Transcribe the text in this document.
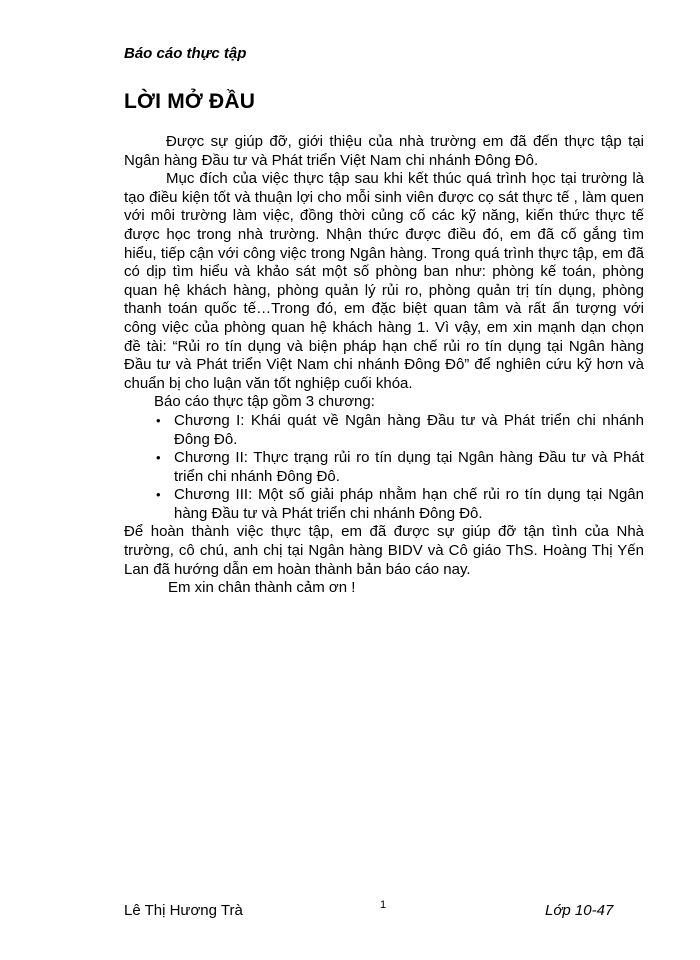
Báo cáo thực tập
LỜI MỞ ĐẦU

Được sự giúp đỡ, giới thiệu của nhà trường em đã đến thực tập tại Ngân hàng Đầu tư và Phát triển Việt Nam chi nhánh Đông Đô.

Mục đích của việc thực tập sau khi kết thúc quá trình học tại trường là tạo điều kiện tốt và thuận lợi cho mỗi sinh viên được cọ sát thực tế , làm quen với môi trường làm việc, đồng thời củng cố các kỹ năng, kiến thức thực tế được học trong nhà trường. Nhận thức được điều đó, em đã cố gắng tìm hiểu, tiếp cận với công việc trong Ngân hàng. Trong quá trình thực tập, em đã có dịp tìm hiểu và khảo sát một số phòng ban như: phòng kế toán, phòng quan hệ khách hàng, phòng quản lý rủi ro, phòng quản trị tín dụng, phòng thanh toán quốc tế…Trong đó, em đặc biệt quan tâm và rất ấn tượng với công việc của phòng quan hệ khách hàng 1. Vì vậy, em xin mạnh dạn chọn đề tài: “Rủi ro tín dụng và biện pháp hạn chế rủi ro tín dụng tại Ngân hàng Đầu tư và Phát triển Việt Nam chi nhánh Đông Đô” để nghiên cứu kỹ hơn và chuẩn bị cho luận văn tốt nghiệp cuối khóa.

Báo cáo thực tập gồm 3 chương:

• Chương I: Khái quát về Ngân hàng Đầu tư và Phát triển chi nhánh Đông Đô.
• Chương II: Thực trạng rủi ro tín dụng tại Ngân hàng Đầu tư và Phát triển chi nhánh Đông Đô.
• Chương III: Một số giải pháp nhằm hạn chế rủi ro tín dụng tại Ngân hàng Đầu tư và Phát triển chi nhánh Đông Đô.

Để hoàn thành việc thực tập, em đã được sự giúp đỡ tận tình của Nhà trường, cô chú, anh chị tại Ngân hàng BIDV và Cô giáo ThS. Hoàng Thị Yến Lan đã hướng dẫn em hoàn thành bản báo cáo nay.

Em xin chân thành cảm ơn !

Lê Thị Hương Trà	1	Lớp 10-47
